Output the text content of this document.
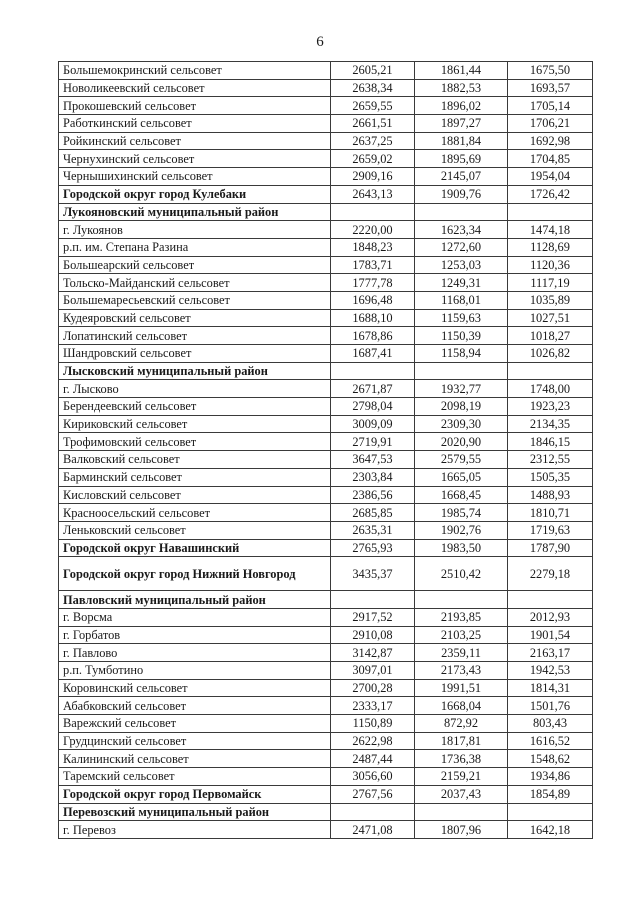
6
Большемокринский сельсовет	2605,21	1861,44	1675,50
Новоликеевский сельсовет	2638,34	1882,53	1693,57
Прокошевский сельсовет	2659,55	1896,02	1705,14
Работкинский сельсовет	2661,51	1897,27	1706,21
Ройкинский сельсовет	2637,25	1881,84	1692,98
Чернухинский сельсовет	2659,02	1895,69	1704,85
Чернышихинский сельсовет	2909,16	2145,07	1954,04
Городской округ город Кулебаки	2643,13	1909,76	1726,42
Лукояновский муниципальный район			
г. Лукоянов	2220,00	1623,34	1474,18
р.п. им. Степана Разина	1848,23	1272,60	1128,69
Большеарский сельсовет	1783,71	1253,03	1120,36
Тольско-Майданский сельсовет	1777,78	1249,31	1117,19
Большемаресьевский сельсовет	1696,48	1168,01	1035,89
Кудеяровский сельсовет	1688,10	1159,63	1027,51
Лопатинский сельсовет	1678,86	1150,39	1018,27
Шандровский сельсовет	1687,41	1158,94	1026,82
Лысковский муниципальный район			
г. Лысково	2671,87	1932,77	1748,00
Берендеевский сельсовет	2798,04	2098,19	1923,23
Кириковский сельсовет	3009,09	2309,30	2134,35
Трофимовский сельсовет	2719,91	2020,90	1846,15
Валковский сельсовет	3647,53	2579,55	2312,55
Барминский сельсовет	2303,84	1665,05	1505,35
Кисловский сельсовет	2386,56	1668,45	1488,93
Красноосельский сельсовет	2685,85	1985,74	1810,71
Леньковский сельсовет	2635,31	1902,76	1719,63
Городской округ Навашинский	2765,93	1983,50	1787,90
Городской округ город Нижний Новгород	3435,37	2510,42	2279,18
Павловский муниципальный район			
г. Ворсма	2917,52	2193,85	2012,93
г. Горбатов	2910,08	2103,25	1901,54
г. Павлово	3142,87	2359,11	2163,17
р.п. Тумботино	3097,01	2173,43	1942,53
Коровинский сельсовет	2700,28	1991,51	1814,31
Абабковский сельсовет	2333,17	1668,04	1501,76
Варежский сельсовет	1150,89	872,92	803,43
Грудцинский сельсовет	2622,98	1817,81	1616,52
Калининский сельсовет	2487,44	1736,38	1548,62
Таремский сельсовет	3056,60	2159,21	1934,86
Городской округ город Первомайск	2767,56	2037,43	1854,89
Перевозский муниципальный район			
г. Перевоз	2471,08	1807,96	1642,18
